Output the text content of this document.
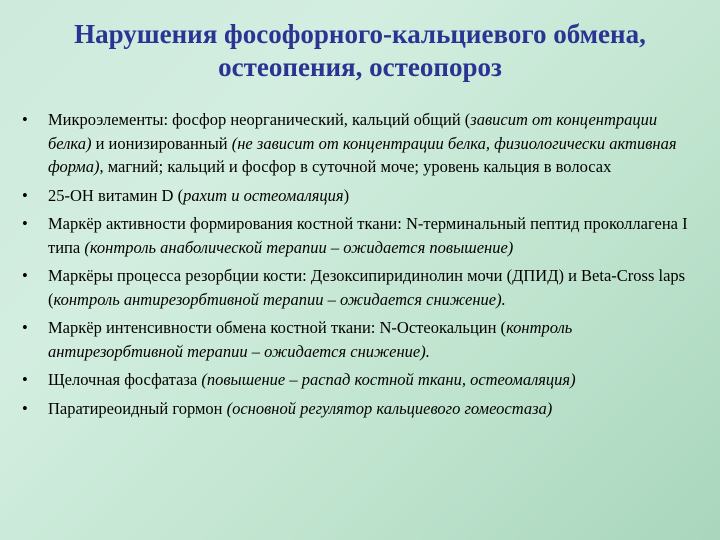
Нарушения фософорного-кальциевого обмена,
остеопения, остеопороз
•	Микроэлементы: фосфор неорганический, кальций общий (зависит от концентрации белка) и ионизированный (не зависит от концентрации белка, физиологически активная форма), магний; кальций и фосфор в суточной моче; уровень кальция в волосах
•	25-OH витамин D (рахит и остеомаляция)
•	Маркёр активности формирования костной ткани: N-терминальный пептид проколлагена I типа (контроль анаболической терапии – ожидается повышение)
•	Маркёры процесса резорбции кости: Дезоксипиридинолин мочи (ДПИД) и Beta-Cross laps (контроль антирезорбтивной терапии – ожидается снижение).
•	Маркёр интенсивности обмена костной ткани: N-Остеокальцин (контроль антирезорбтивной терапии – ожидается снижение).
•	Щелочная фосфатаза (повышение – распад костной ткани, остеомаляция)
•	Паратиреоидный гормон (основной регулятор кальциевого гомеостаза)
